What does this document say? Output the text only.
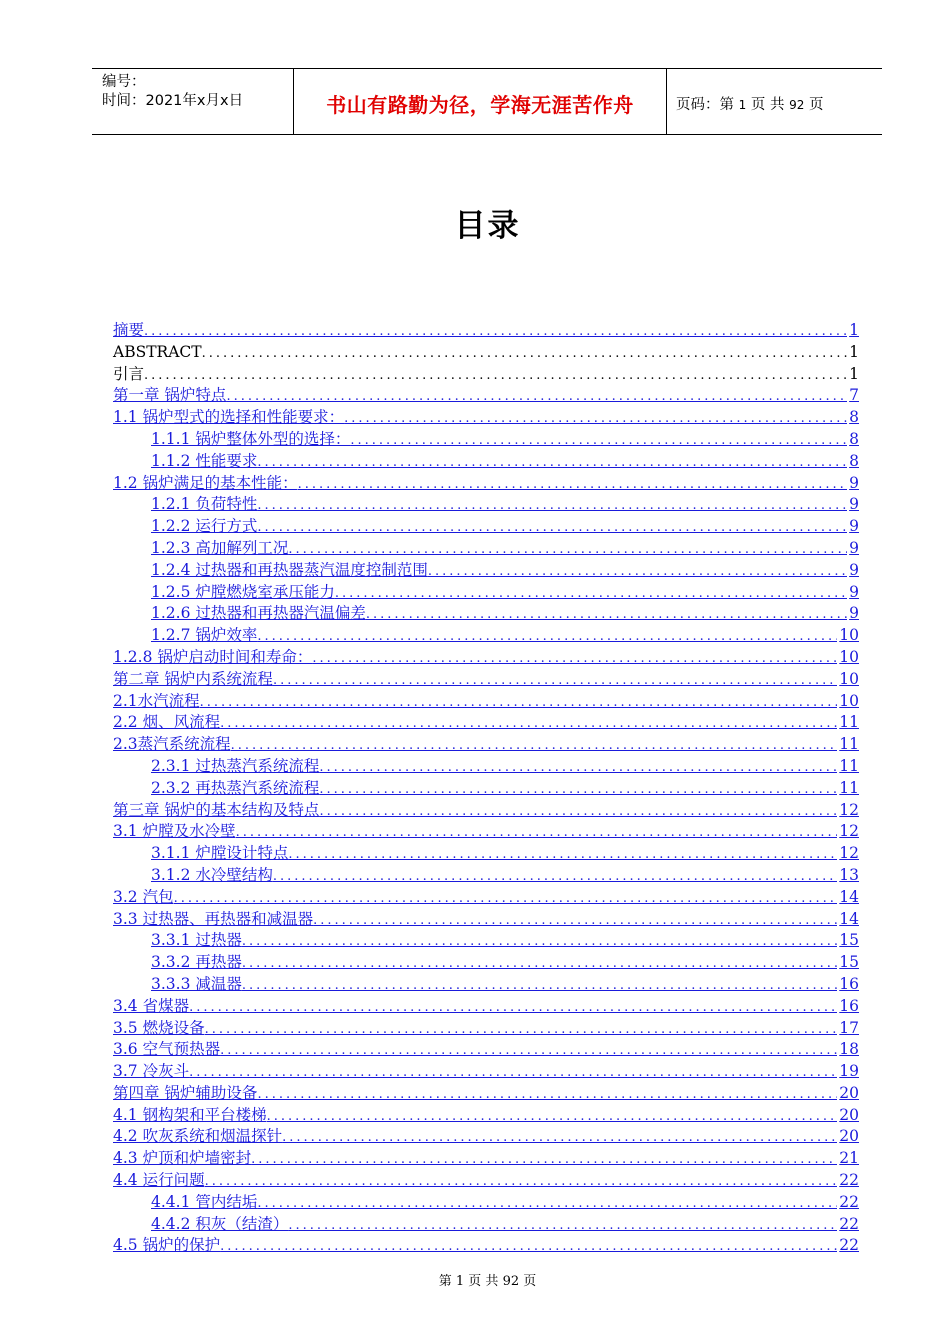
编号：
时间：2021年x月x日	书山有路勤为径，学海无涯苦作舟	页码：第 1 页 共 92 页
目录
摘要 .....	1
ABSTRACT .....	1
引言 .....	1
第一章 锅炉特点 .....	7
1.1 锅炉型式的选择和性能要求： .....	8
1.1.1 锅炉整体外型的选择： .....	8
1.1.2 性能要求 .....	8
1.2 锅炉满足的基本性能： .....	9
1.2.1 负荷特性 .....	9
1.2.2 运行方式 .....	9
1.2.3 高加解列工况 .....	9
1.2.4 过热器和再热器蒸汽温度控制范围 .....	9
1.2.5 炉膛燃烧室承压能力 .....	9
1.2.6 过热器和再热器汽温偏差 .....	9
1.2.7 锅炉效率 .....	10
1.2.8 锅炉启动时间和寿命： .....	10
第二章 锅炉内系统流程 .....	10
2.1水汽流程 .....	10
2.2 烟、风流程 .....	11
2.3蒸汽系统流程 .....	11
2.3.1 过热蒸汽系统流程 .....	11
2.3.2 再热蒸汽系统流程 .....	11
第三章 锅炉的基本结构及特点 .....	12
3.1 炉膛及水冷壁 .....	12
3.1.1 炉膛设计特点 .....	12
3.1.2 水冷壁结构 .....	13
3.2 汽包 .....	14
3.3 过热器、再热器和减温器 .....	14
3.3.1 过热器 .....	15
3.3.2 再热器 .....	15
3.3.3 减温器 .....	16
3.4 省煤器 .....	16
3.5 燃烧设备 .....	17
3.6 空气预热器 .....	18
3.7 冷灰斗 .....	19
第四章 锅炉辅助设备 .....	20
4.1 钢构架和平台楼梯 .....	20
4.2 吹灰系统和烟温探针 .....	20
4.3 炉顶和炉墙密封 .....	21
4.4 运行问题 .....	22
4.4.1 管内结垢 .....	22
4.4.2 积灰（结渣） .....	22
4.5 锅炉的保护 .....	22
第 1 页 共 92 页
